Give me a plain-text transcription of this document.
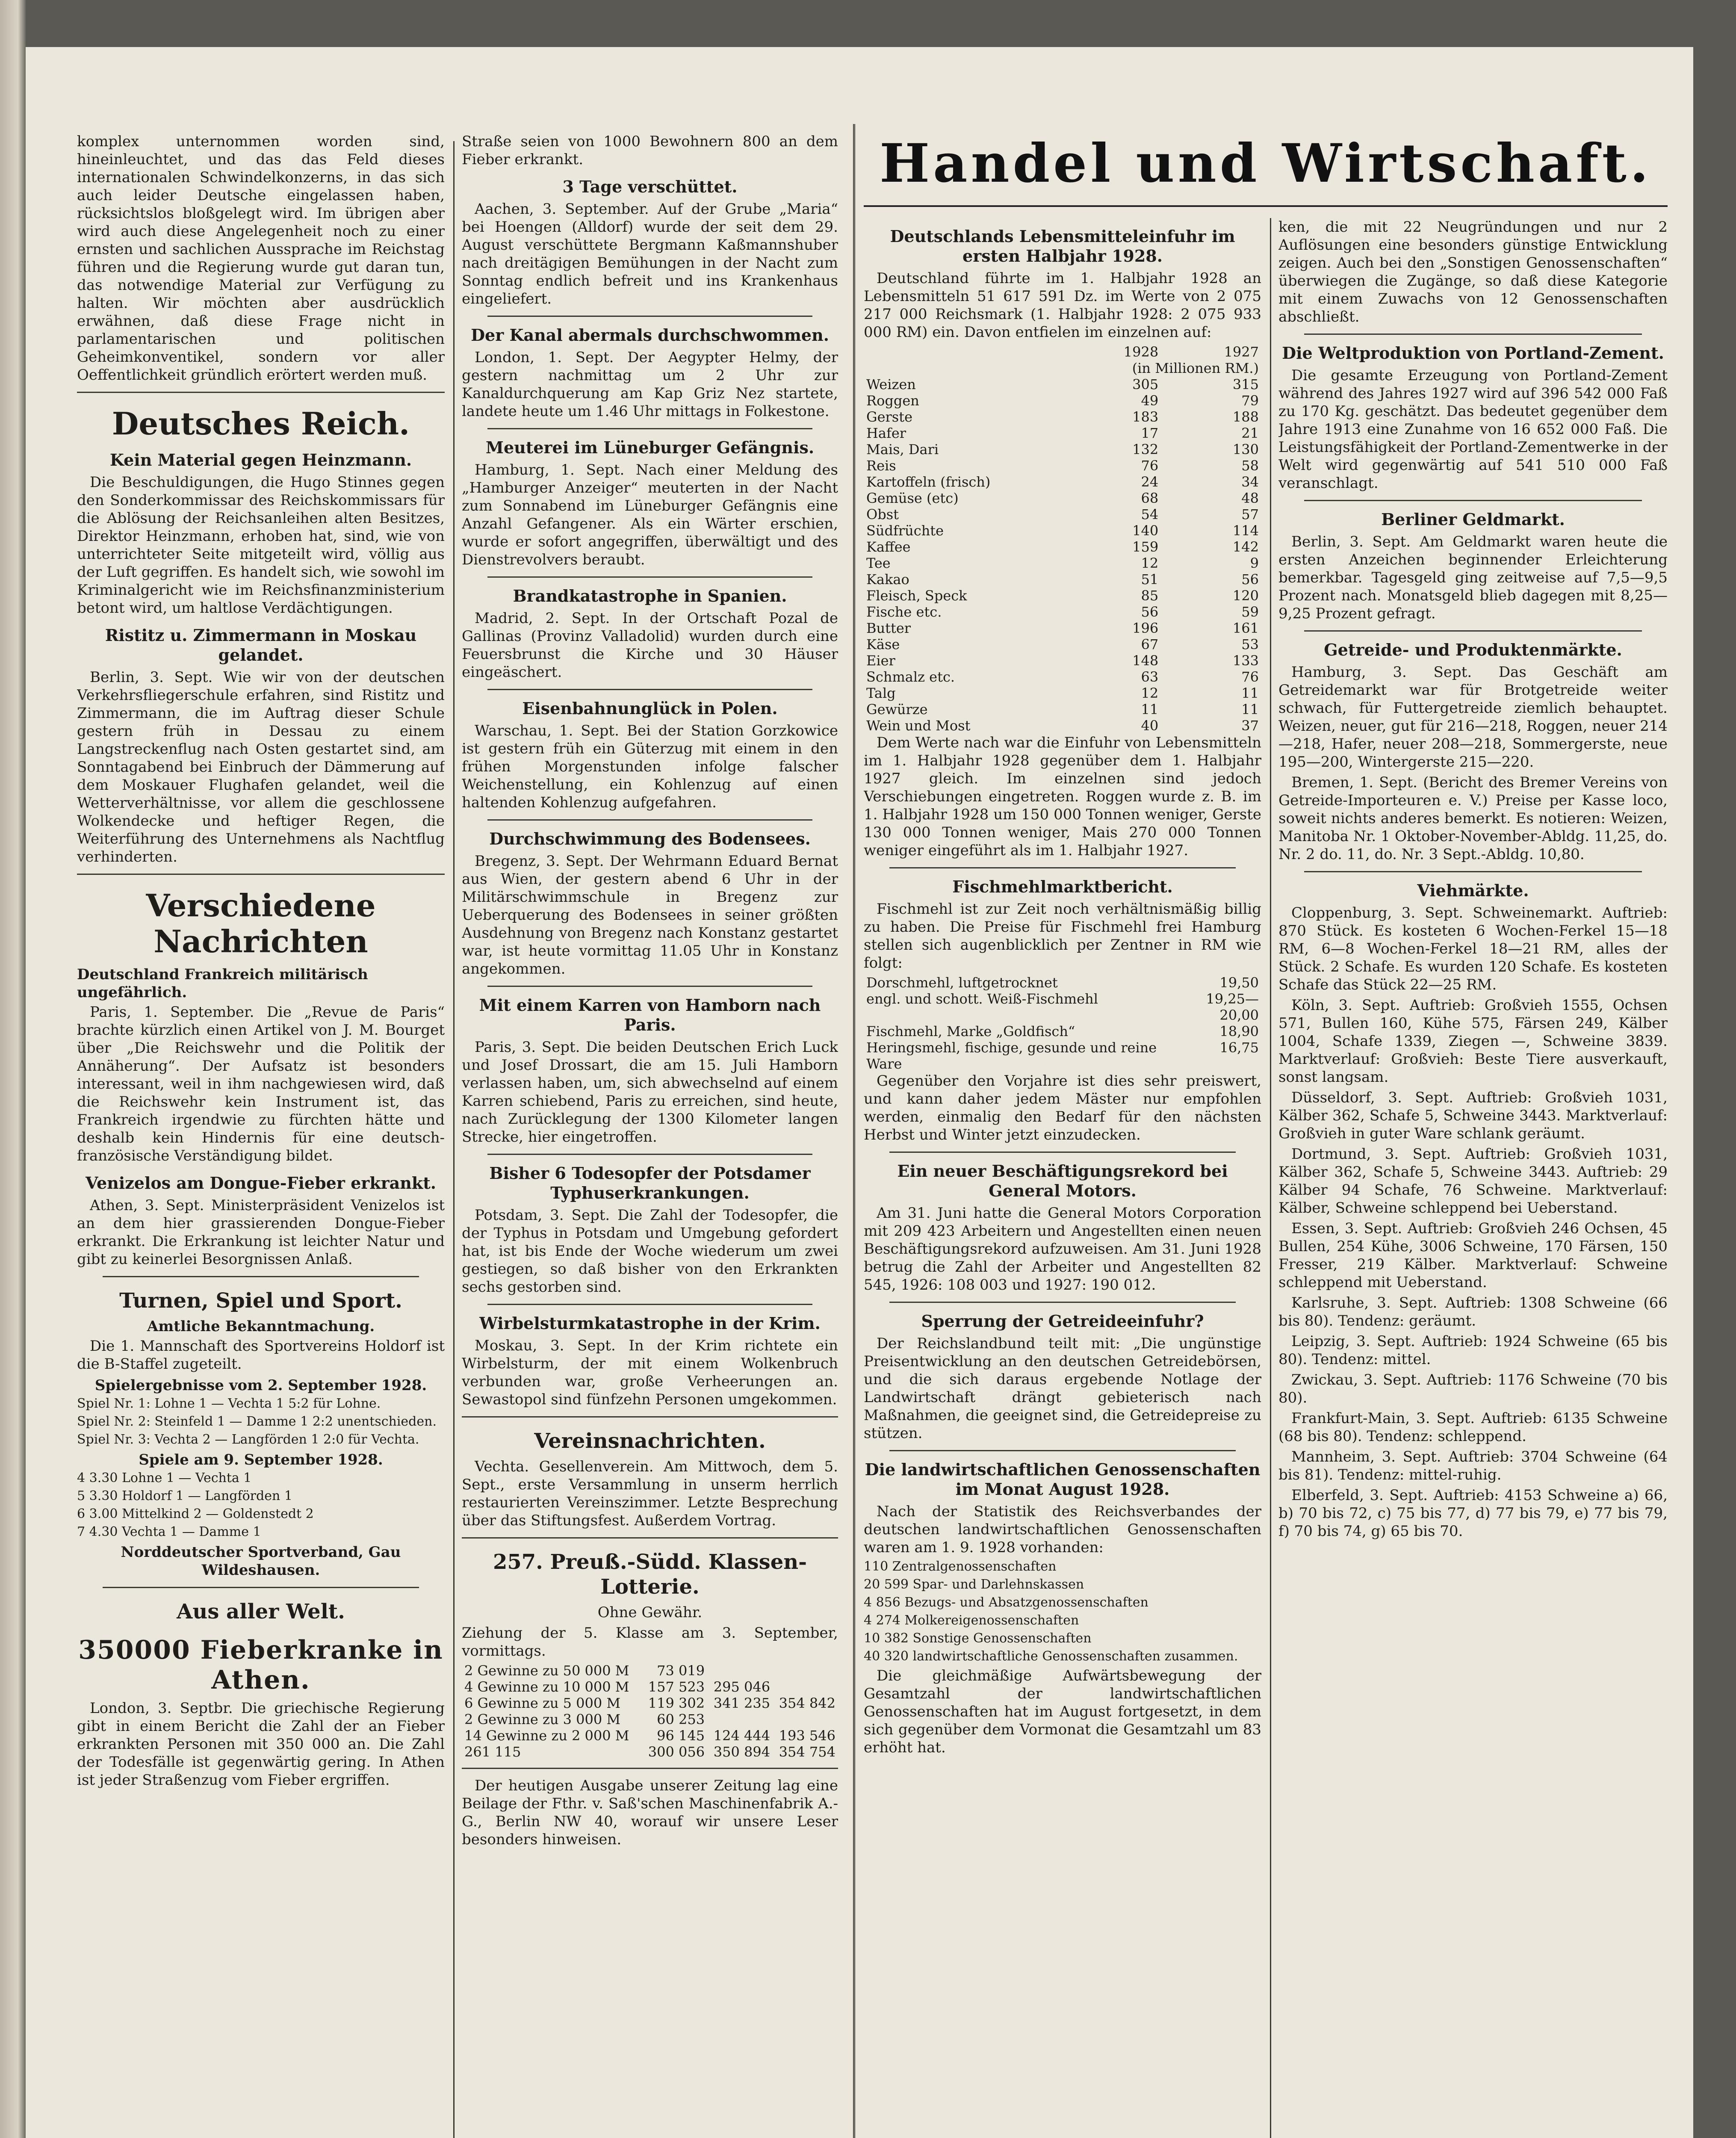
Handel und Wirtschaft.

komplex unternommen worden sind, hineinleuchtet, und das das Feld dieses internationalen Schwindelkonzerns, in das sich auch leider Deutsche eingelassen haben, rücksichtslos bloßgelegt wird. Im übrigen aber wird auch diese Angelegenheit noch zu einer ernsten und sachlichen Aussprache im Reichstag führen und die Regierung wurde gut daran tun, das notwendige Material zur Verfügung zu halten. Wir möchten aber ausdrücklich erwähnen, daß diese Frage nicht in parlamentarischen und politischen Geheimkonventikel, sondern vor aller Oeffentlichkeit gründlich erörtert werden muß.

Deutsches Reich.
Kein Material gegen Heinzmann.

Die Beschuldigungen, die Hugo Stinnes gegen den Sonderkommissar des Reichskommissars für die Ablösung der Reichsanleihen alten Besitzes, Direktor Heinzmann, erhoben hat, sind, wie von unterrichteter Seite mitgeteilt wird, völlig aus der Luft gegriffen. Es handelt sich, wie sowohl im Kriminalgericht wie im Reichsfinanzministerium betont wird, um haltlose Verdächtigungen.

Ristitz u. Zimmermann in Moskau gelandet.

Berlin, 3. Sept. Wie wir von der deutschen Verkehrsfliegerschule erfahren, sind Ristitz und Zimmermann, die im Auftrag dieser Schule gestern früh in Dessau zu einem Langstreckenflug nach Osten gestartet sind, am Sonntagabend bei Einbruch der Dämmerung auf dem Moskauer Flughafen gelandet, weil die Wetterverhältnisse, vor allem die geschlossene Wolkendecke und heftiger Regen, die Weiterführung des Unternehmens als Nachtflug verhinderten.

Verschiedene Nachrichten
Deutschland Frankreich militärisch ungefährlich.

Paris, 1. September. Die „Revue de Paris“ brachte kürzlich einen Artikel von J. M. Bourget über „Die Reichswehr und die Politik der Annäherung“. Der Aufsatz ist besonders interessant, weil in ihm nachgewiesen wird, daß die Reichswehr kein Instrument ist, das Frankreich irgendwie zu fürchten hätte und deshalb kein Hindernis für eine deutsch-französische Verständigung bildet.

Venizelos am Dongue-Fieber erkrankt.

Athen, 3. Sept. Ministerpräsident Venizelos ist an dem hier grassierenden Dongue-Fieber erkrankt. Die Erkrankung ist leichter Natur und gibt zu keinerlei Besorgnissen Anlaß.

Turnen, Spiel und Sport.
Amtliche Bekanntmachung.

Die 1. Mannschaft des Sportvereins Holdorf ist die B-Staffel zugeteilt.

Spielergebnisse vom 2. September 1928.

Spiel Nr. 1: Lohne 1 — Vechta 1 5:2 für Lohne.

Spiel Nr. 2: Steinfeld 1 — Damme 1 2:2 unentschieden.

Spiel Nr. 3: Vechta 2 — Langförden 1 2:0 für Vechta.

Spiele am 9. September 1928.

4 3.30 Lohne 1 — Vechta 1

5 3.30 Holdorf 1 — Langförden 1

6 3.00 Mittelkind 2 — Goldenstedt 2

7 4.30 Vechta 1 — Damme 1

Norddeutscher Sportverband, Gau Wildeshausen.
Aus aller Welt.
350000 Fieberkranke in Athen.

London, 3. Septbr. Die griechische Regierung gibt in einem Bericht die Zahl der an Fieber erkrankten Personen mit 350 000 an. Die Zahl der Todesfälle ist gegenwärtig gering. In Athen ist jeder Straßenzug vom Fieber ergriffen.

Straße seien von 1000 Bewohnern 800 an dem Fieber erkrankt.

3 Tage verschüttet.

Aachen, 3. September. Auf der Grube „Maria“ bei Hoengen (Alldorf) wurde der seit dem 29. August verschüttete Bergmann Kaßmannshuber nach dreitägigen Bemühungen in der Nacht zum Sonntag endlich befreit und ins Krankenhaus eingeliefert.

Der Kanal abermals durchschwommen.

London, 1. Sept. Der Aegypter Helmy, der gestern nachmittag um 2 Uhr zur Kanaldurchquerung am Kap Griz Nez startete, landete heute um 1.46 Uhr mittags in Folkestone.

Meuterei im Lüneburger Gefängnis.

Hamburg, 1. Sept. Nach einer Meldung des „Hamburger Anzeiger“ meuterten in der Nacht zum Sonnabend im Lüneburger Gefängnis eine Anzahl Gefangener. Als ein Wärter erschien, wurde er sofort angegriffen, überwältigt und des Dienstrevolvers beraubt.

Brandkatastrophe in Spanien.

Madrid, 2. Sept. In der Ortschaft Pozal de Gallinas (Provinz Valladolid) wurden durch eine Feuersbrunst die Kirche und 30 Häuser eingeäschert.

Eisenbahnunglück in Polen.

Warschau, 1. Sept. Bei der Station Gorzkowice ist gestern früh ein Güterzug mit einem in den frühen Morgenstunden infolge falscher Weichenstellung, ein Kohlenzug auf einen haltenden Kohlenzug aufgefahren.

Durchschwimmung des Bodensees.

Bregenz, 3. Sept. Der Wehrmann Eduard Bernat aus Wien, der gestern abend 6 Uhr in der Militärschwimmschule in Bregenz zur Ueberquerung des Bodensees in seiner größten Ausdehnung von Bregenz nach Konstanz gestartet war, ist heute vormittag 11.05 Uhr in Konstanz angekommen.

Mit einem Karren von Hamborn nach Paris.

Paris, 3. Sept. Die beiden Deutschen Erich Luck und Josef Drossart, die am 15. Juli Hamborn verlassen haben, um, sich abwechselnd auf einem Karren schiebend, Paris zu erreichen, sind heute, nach Zurücklegung der 1300 Kilometer langen Strecke, hier eingetroffen.

Bisher 6 Todesopfer der Potsdamer Typhuserkrankungen.

Potsdam, 3. Sept. Die Zahl der Todesopfer, die der Typhus in Potsdam und Umgebung gefordert hat, ist bis Ende der Woche wiederum um zwei gestiegen, so daß bisher von den Erkrankten sechs gestorben sind.

Wirbelsturmkatastrophe in der Krim.

Moskau, 3. Sept. In der Krim richtete ein Wirbelsturm, der mit einem Wolkenbruch verbunden war, große Verheerungen an. Sewastopol sind fünfzehn Personen umgekommen.

Vereinsnachrichten.

Vechta. Gesellenverein. Am Mittwoch, dem 5. Sept., erste Versammlung in unserm herrlich restaurierten Vereinszimmer. Letzte Besprechung über das Stiftungsfest. Außerdem Vortrag.

257. Preuß.-Südd. Klassen-Lotterie.

Ohne Gewähr.

Ziehung der 5. Klasse am 3. September, vormittags.

2 Gewinne zu 50 000 M	73 019		
4 Gewinne zu 10 000 M	157 523	295 046	
6 Gewinne zu 5 000 M	119 302	341 235	354 842
2 Gewinne zu 3 000 M	60 253		
14 Gewinne zu 2 000 M	96 145	124 444	193 546
261 115	300 056	350 894	354 754

Der heutigen Ausgabe unserer Zeitung lag eine Beilage der Fthr. v. Saß'schen Maschinenfabrik A.-G., Berlin NW 40, worauf wir unsere Leser besonders hinweisen.

Deutschlands Lebensmitteleinfuhr im ersten Halbjahr 1928.

Deutschland führte im 1. Halbjahr 1928 an Lebensmitteln 51 617 591 Dz. im Werte von 2 075 217 000 Reichsmark (1. Halbjahr 1928: 2 075 933 000 RM) ein. Davon entfielen im einzelnen auf:

	1928	1927
	(in Millionen RM.)	
Weizen	305	315
Roggen	49	79
Gerste	183	188
Hafer	17	21
Mais, Dari	132	130
Reis	76	58
Kartoffeln (frisch)	24	34
Gemüse (etc)	68	48
Obst	54	57
Südfrüchte	140	114
Kaffee	159	142
Tee	12	9
Kakao	51	56
Fleisch, Speck	85	120
Fische etc.	56	59
Butter	196	161
Käse	67	53
Eier	148	133
Schmalz etc.	63	76
Talg	12	11
Gewürze	11	11
Wein und Most	40	37

Dem Werte nach war die Einfuhr von Lebensmitteln im 1. Halbjahr 1928 gegenüber dem 1. Halbjahr 1927 gleich. Im einzelnen sind jedoch Verschiebungen eingetreten. Roggen wurde z. B. im 1. Halbjahr 1928 um 150 000 Tonnen weniger, Gerste 130 000 Tonnen weniger, Mais 270 000 Tonnen weniger eingeführt als im 1. Halbjahr 1927.

Fischmehlmarktbericht.

Fischmehl ist zur Zeit noch verhältnismäßig billig zu haben. Die Preise für Fischmehl frei Hamburg stellen sich augenblicklich per Zentner in RM wie folgt:

Dorschmehl, luftgetrocknet	19,50
engl. und schott. Weiß-Fischmehl	19,25—20,00
Fischmehl, Marke „Goldfisch“	18,90
Heringsmehl, fischige, gesunde und reine Ware	16,75

Gegenüber den Vorjahre ist dies sehr preiswert, und kann daher jedem Mäster nur empfohlen werden, einmalig den Bedarf für den nächsten Herbst und Winter jetzt einzudecken.

Ein neuer Beschäftigungsrekord bei General Motors.

Am 31. Juni hatte die General Motors Corporation mit 209 423 Arbeitern und Angestellten einen neuen Beschäftigungsrekord aufzuweisen. Am 31. Juni 1928 betrug die Zahl der Arbeiter und Angestellten 82 545, 1926: 108 003 und 1927: 190 012.

Sperrung der Getreideeinfuhr?

Der Reichslandbund teilt mit: „Die ungünstige Preisentwicklung an den deutschen Getreidebörsen, und die sich daraus ergebende Notlage der Landwirtschaft drängt gebieterisch nach Maßnahmen, die geeignet sind, die Getreidepreise zu stützen.

Die landwirtschaftlichen Genossenschaften im Monat August 1928.

Nach der Statistik des Reichsverbandes der deutschen landwirtschaftlichen Genossenschaften waren am 1. 9. 1928 vorhanden:

110 Zentralgenossenschaften

20 599 Spar- und Darlehnskassen

4 856 Bezugs- und Absatzgenossenschaften

4 274 Molkereigenossenschaften

10 382 Sonstige Genossenschaften

40 320 landwirtschaftliche Genossenschaften zusammen.

Die gleichmäßige Aufwärtsbewegung der Gesamtzahl der landwirtschaftlichen Genossenschaften hat im August fortgesetzt, in dem sich gegenüber dem Vormonat die Gesamtzahl um 83 erhöht hat.

ken, die mit 22 Neugründungen und nur 2 Auflösungen eine besonders günstige Entwicklung zeigen. Auch bei den „Sonstigen Genossenschaften“ überwiegen die Zugänge, so daß diese Kategorie mit einem Zuwachs von 12 Genossenschaften abschließt.

Die Weltproduktion von Portland-Zement.

Die gesamte Erzeugung von Portland-Zement während des Jahres 1927 wird auf 396 542 000 Faß zu 170 Kg. geschätzt. Das bedeutet gegenüber dem Jahre 1913 eine Zunahme von 16 652 000 Faß. Die Leistungsfähigkeit der Portland-Zementwerke in der Welt wird gegenwärtig auf 541 510 000 Faß veranschlagt.

Berliner Geldmarkt.

Berlin, 3. Sept. Am Geldmarkt waren heute die ersten Anzeichen beginnender Erleichterung bemerkbar. Tagesgeld ging zeitweise auf 7,5—9,5 Prozent nach. Monatsgeld blieb dagegen mit 8,25—9,25 Prozent gefragt.

Getreide- und Produktenmärkte.

Hamburg, 3. Sept. Das Geschäft am Getreidemarkt war für Brotgetreide weiter schwach, für Futtergetreide ziemlich behauptet. Weizen, neuer, gut für 216—218, Roggen, neuer 214—218, Hafer, neuer 208—218, Sommergerste, neue 195—200, Wintergerste 215—220.

Bremen, 1. Sept. (Bericht des Bremer Vereins von Getreide-Importeuren e. V.) Preise per Kasse loco, soweit nichts anderes bemerkt. Es notieren: Weizen, Manitoba Nr. 1 Oktober-November-Abldg. 11,25, do. Nr. 2 do. 11, do. Nr. 3 Sept.-Abldg. 10,80.

Viehmärkte.

Cloppenburg, 3. Sept. Schweinemarkt. Auftrieb: 870 Stück. Es kosteten 6 Wochen-Ferkel 15—18 RM, 6—8 Wochen-Ferkel 18—21 RM, alles der Stück. 2 Schafe. Es wurden 120 Schafe. Es kosteten Schafe das Stück 22—25 RM.

Köln, 3. Sept. Auftrieb: Großvieh 1555, Ochsen 571, Bullen 160, Kühe 575, Färsen 249, Kälber 1004, Schafe 1339, Ziegen —, Schweine 3839. Marktverlauf: Großvieh: Beste Tiere ausverkauft, sonst langsam.

Düsseldorf, 3. Sept. Auftrieb: Großvieh 1031, Kälber 362, Schafe 5, Schweine 3443. Marktverlauf: Großvieh in guter Ware schlank geräumt.

Dortmund, 3. Sept. Auftrieb: Großvieh 1031, Kälber 362, Schafe 5, Schweine 3443. Auftrieb: 29 Kälber 94 Schafe, 76 Schweine. Marktverlauf: Kälber, Schweine schleppend bei Ueberstand.

Essen, 3. Sept. Auftrieb: Großvieh 246 Ochsen, 45 Bullen, 254 Kühe, 3006 Schweine, 170 Färsen, 150 Fresser, 219 Kälber. Marktverlauf: Schweine schleppend mit Ueberstand.

Karlsruhe, 3. Sept. Auftrieb: 1308 Schweine (66 bis 80). Tendenz: geräumt.

Leipzig, 3. Sept. Auftrieb: 1924 Schweine (65 bis 80). Tendenz: mittel.

Zwickau, 3. Sept. Auftrieb: 1176 Schweine (70 bis 80).

Frankfurt-Main, 3. Sept. Auftrieb: 6135 Schweine (68 bis 80). Tendenz: schleppend.

Mannheim, 3. Sept. Auftrieb: 3704 Schweine (64 bis 81). Tendenz: mittel-ruhig.

Elberfeld, 3. Sept. Auftrieb: 4153 Schweine a) 66, b) 70 bis 72, c) 75 bis 77, d) 77 bis 79, e) 77 bis 79, f) 70 bis 74, g) 65 bis 70.
